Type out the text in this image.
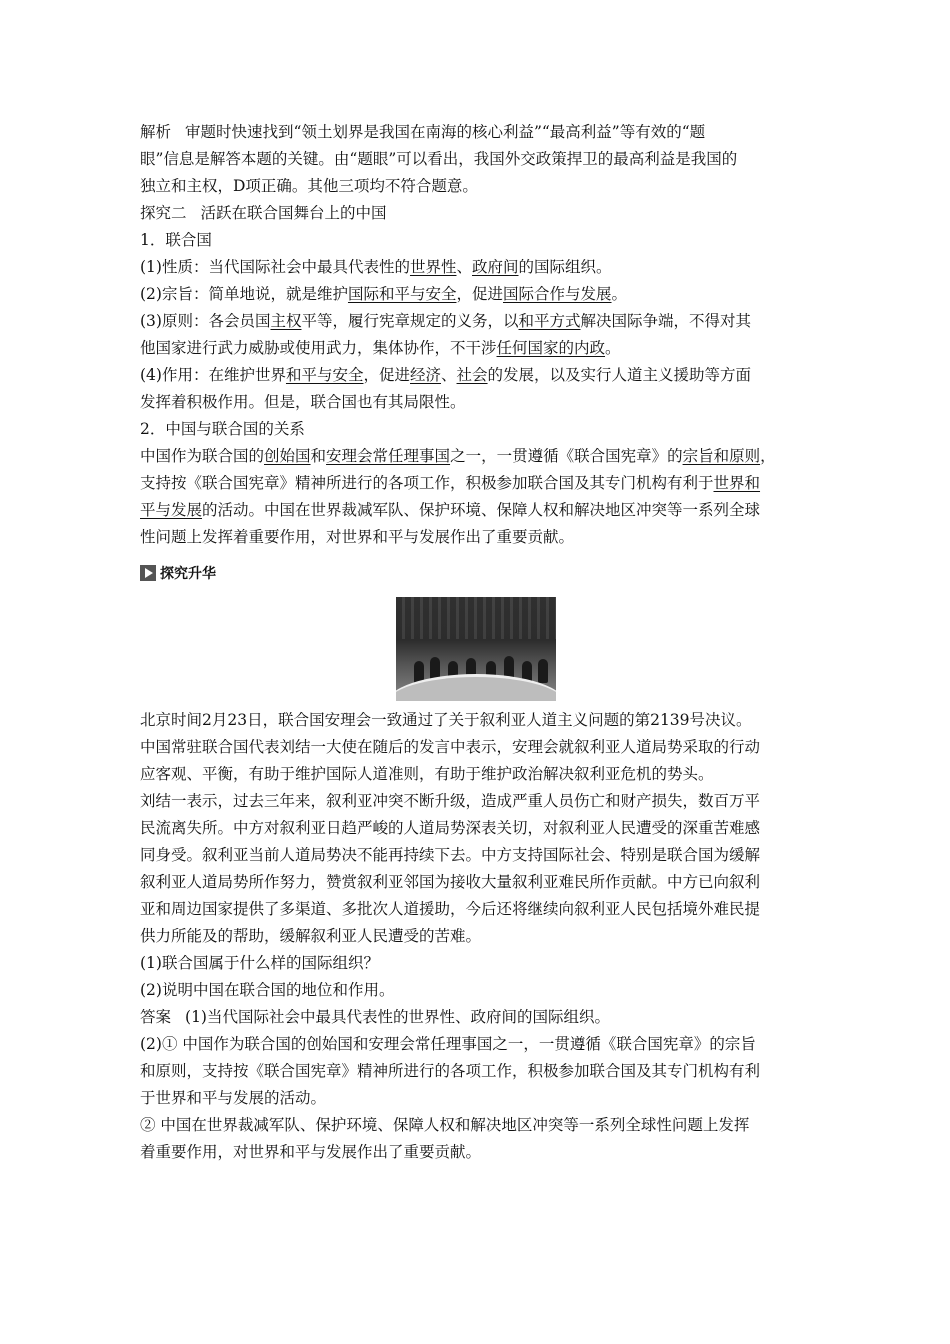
解析 审题时快速找到“领土划界是我国在南海的核心利益”“最高利益”等有效的“题
眼”信息是解答本题的关键。由“题眼”可以看出，我国外交政策捍卫的最高利益是我国的
独立和主权，D项正确。其他三项均不符合题意。
探究二 活跃在联合国舞台上的中国
1．联合国
(1)性质：当代国际社会中最具代表性的世界性、政府间的国际组织。
(2)宗旨：简单地说，就是维护国际和平与安全，促进国际合作与发展。
(3)原则：各会员国主权平等，履行宪章规定的义务，以和平方式解决国际争端，不得对其
他国家进行武力威胁或使用武力，集体协作，不干涉任何国家的内政。
(4)作用：在维护世界和平与安全，促进经济、社会的发展，以及实行人道主义援助等方面
发挥着积极作用。但是，联合国也有其局限性。
2．中国与联合国的关系
中国作为联合国的创始国和安理会常任理事国之一，一贯遵循《联合国宪章》的宗旨和原则，
支持按《联合国宪章》精神所进行的各项工作，积极参加联合国及其专门机构有利于世界和
平与发展的活动。中国在世界裁减军队、保护环境、保障人权和解决地区冲突等一系列全球
性问题上发挥着重要作用，对世界和平与发展作出了重要贡献。
探究升华
北京时间2月23日，联合国安理会一致通过了关于叙利亚人道主义问题的第2139号决议。
中国常驻联合国代表刘结一大使在随后的发言中表示，安理会就叙利亚人道局势采取的行动
应客观、平衡，有助于维护国际人道准则，有助于维护政治解决叙利亚危机的势头。
刘结一表示，过去三年来，叙利亚冲突不断升级，造成严重人员伤亡和财产损失，数百万平
民流离失所。中方对叙利亚日趋严峻的人道局势深表关切，对叙利亚人民遭受的深重苦难感
同身受。叙利亚当前人道局势决不能再持续下去。中方支持国际社会、特别是联合国为缓解
叙利亚人道局势所作努力，赞赏叙利亚邻国为接收大量叙利亚难民所作贡献。中方已向叙利
亚和周边国家提供了多渠道、多批次人道援助，今后还将继续向叙利亚人民包括境外难民提
供力所能及的帮助，缓解叙利亚人民遭受的苦难。
(1)联合国属于什么样的国际组织？
(2)说明中国在联合国的地位和作用。
答案 (1)当代国际社会中最具代表性的世界性、政府间的国际组织。
(2)① 中国作为联合国的创始国和安理会常任理事国之一，一贯遵循《联合国宪章》的宗旨
和原则，支持按《联合国宪章》精神所进行的各项工作，积极参加联合国及其专门机构有利
于世界和平与发展的活动。
② 中国在世界裁减军队、保护环境、保障人权和解决地区冲突等一系列全球性问题上发挥
着重要作用，对世界和平与发展作出了重要贡献。
